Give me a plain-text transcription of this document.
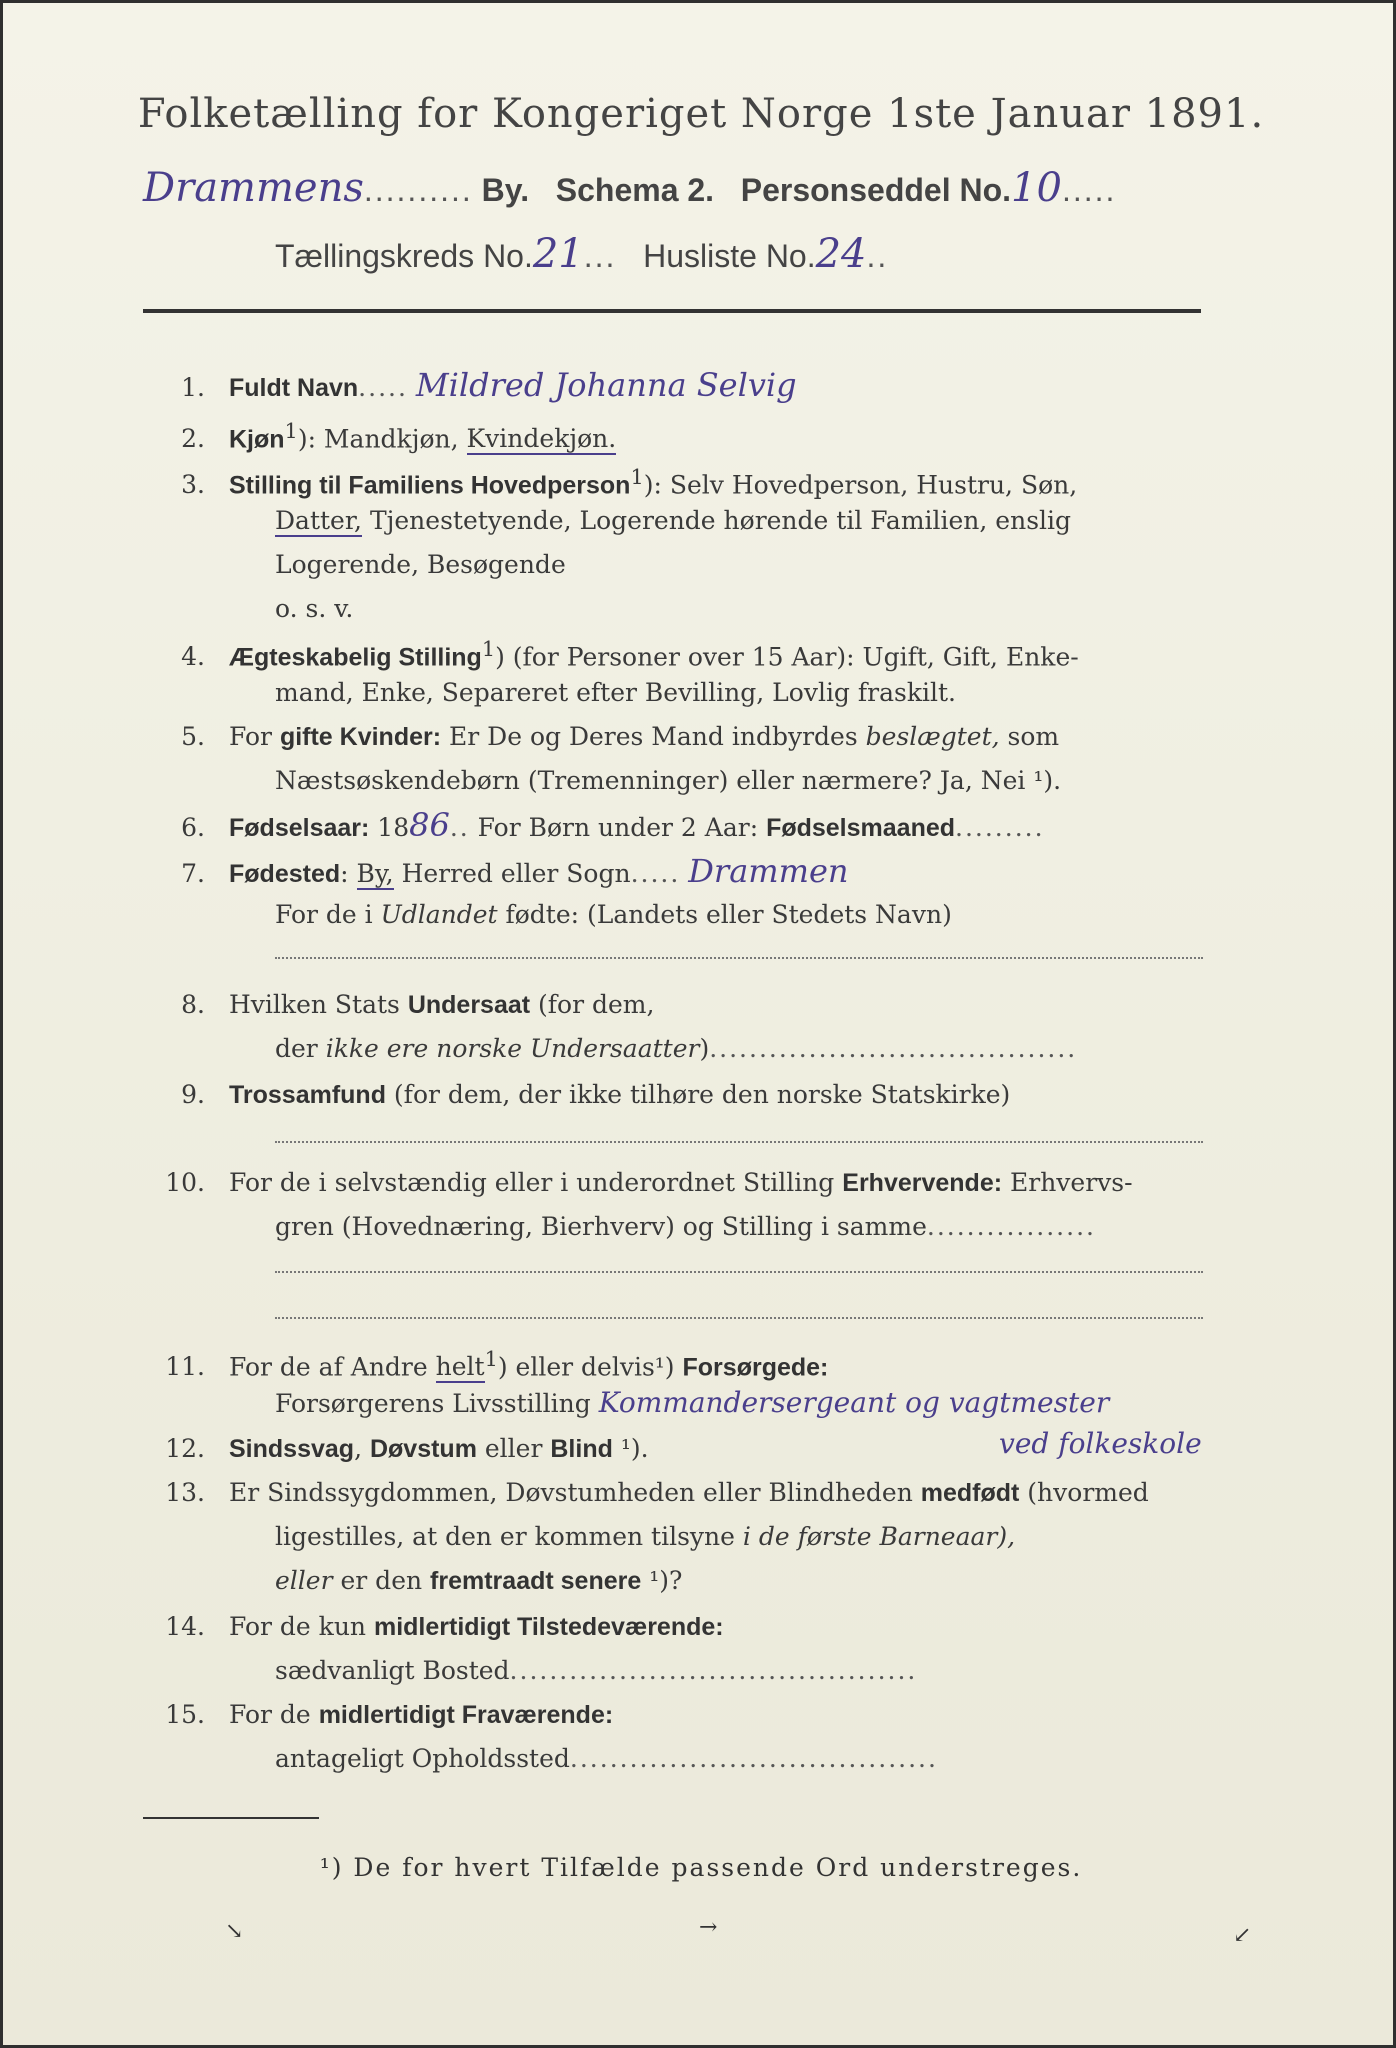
Folketælling for Kongeriget Norge 1ste Januar 1891.
Drammens.......... By. Schema 2. Personseddel No.10.....
Tællingskreds No.21... Husliste No.24..
1. Fuldt Navn..... Mildred Johanna Selvig
2. Kjøn$^1$): Mandkjøn, Kvindekjøn.
3. Stilling til Familiens Hovedperson$^1$): Selv Hovedperson, Hustru, Søn,
Datter, Tjenestetyende, Logerende hørende til Familien, enslig
Logerende, Besøgende
o. s. v.
4. Ægteskabelig Stilling$^1$) (for Personer over 15 Aar): Ugift, Gift, Enke-
mand, Enke, Separeret efter Bevilling, Lovlig fraskilt.
5. For gifte Kvinder: Er De og Deres Mand indbyrdes beslægtet, som
Næstsøskendebørn (Tremenninger) eller nærmere? Ja, Nei ¹).
6. Fødselsaar: 1886.. For Børn under 2 Aar: Fødselsmaaned.........
7. Fødested: By, Herred eller Sogn..... Drammen
For de i Udlandet fødte: (Landets eller Stedets Navn)
8. Hvilken Stats Undersaat (for dem,
der ikke ere norske Undersaatter).....................................
9. Trossamfund (for dem, der ikke tilhøre den norske Statskirke)
10. For de i selvstændig eller i underordnet Stilling Erhvervende: Erhvervs-
gren (Hovednæring, Bierhverv) og Stilling i samme.................
11. For de af Andre helt$^1$) eller delvis¹) Forsørgede:
Forsørgerens Livsstilling Kommandersergeant og vagtmester
ved folkeskole
12. Sindssvag, Døvstum eller Blind ¹).
13. Er Sindssygdommen, Døvstumheden eller Blindheden medfødt (hvormed
ligestilles, at den er kommen tilsyne i de første Barneaar),
eller er den fremtraadt senere ¹)?
14. For de kun midlertidigt Tilstedeværende:
sædvanligt Bosted.........................................
15. For de midlertidigt Fraværende:
antageligt Opholdssted.....................................
¹) De for hvert Tilfælde passende Ord understreges.
↘	→	↙
